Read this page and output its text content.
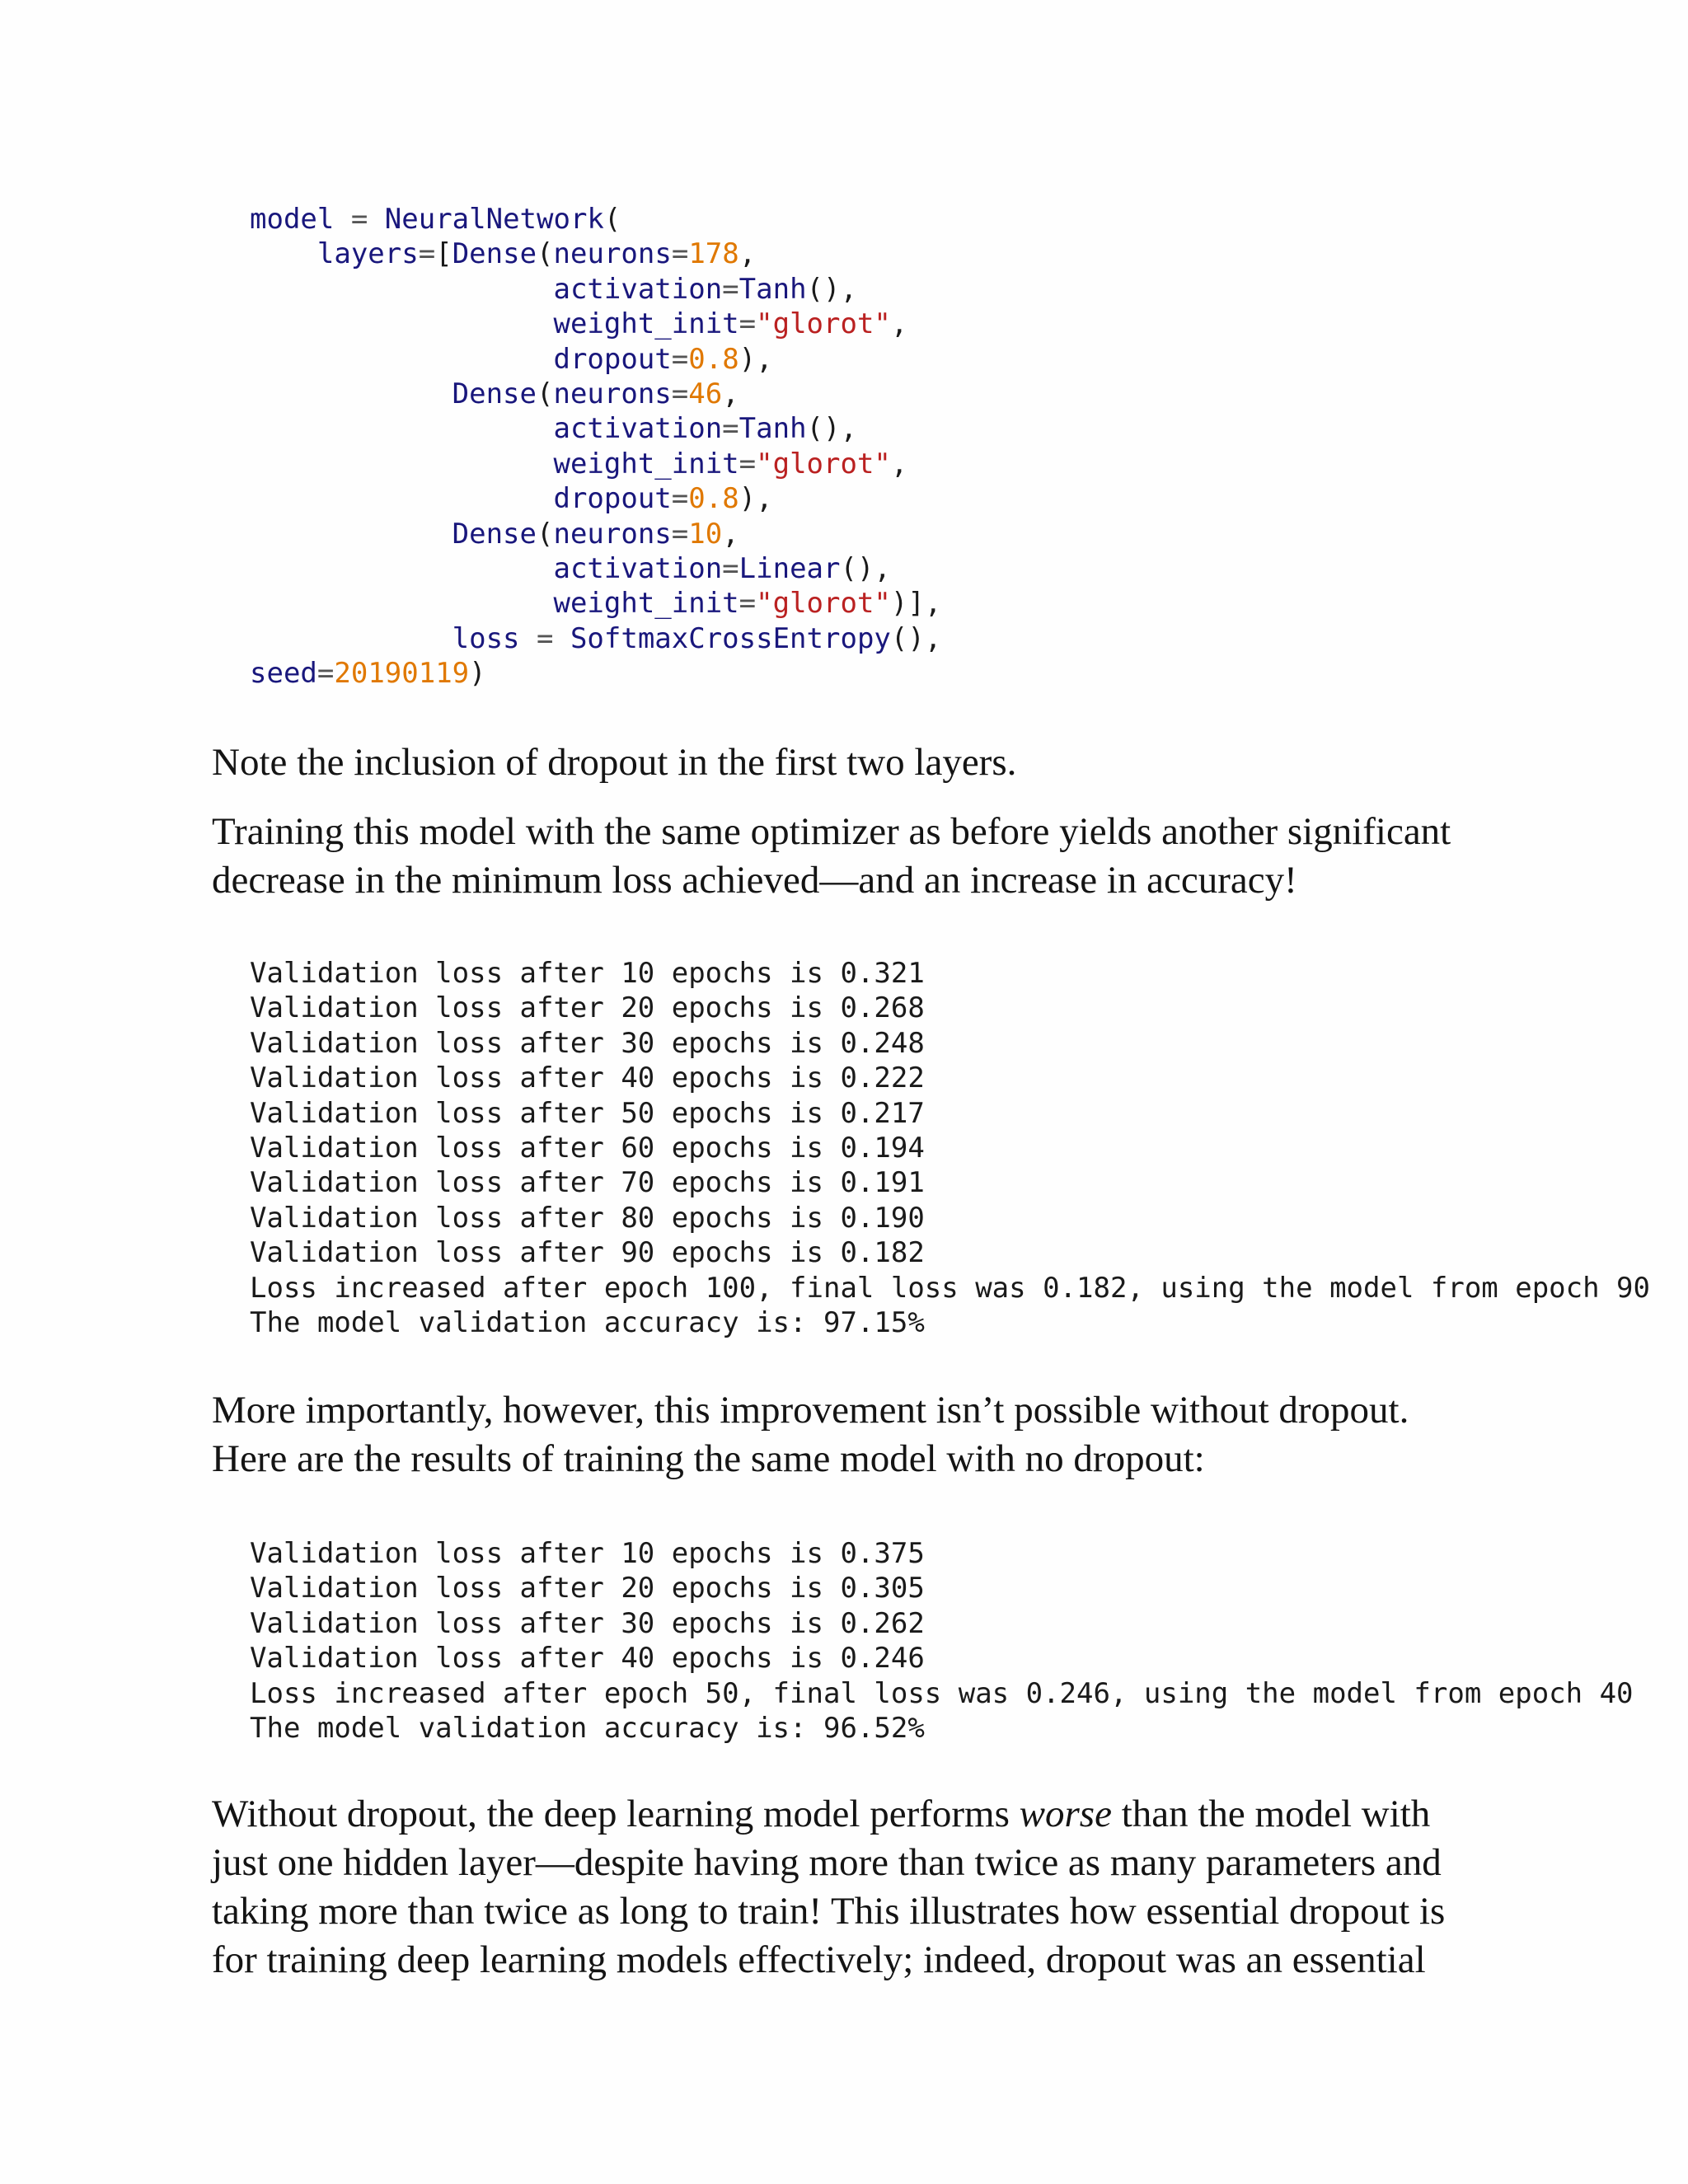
model = NeuralNetwork(
layers=[Dense(neurons=178,
activation=Tanh(),
weight_init="glorot",
dropout=0.8),
Dense(neurons=46,
activation=Tanh(),
weight_init="glorot",
dropout=0.8),
Dense(neurons=10,
activation=Linear(),
weight_init="glorot")],
loss = SoftmaxCrossEntropy(),
seed=20190119)

Note the inclusion of dropout in the first two layers.

Training this model with the same optimizer as before yields another significant decrease in the minimum loss achieved—and an increase in accuracy!

Validation loss after 10 epochs is 0.321
Validation loss after 20 epochs is 0.268
Validation loss after 30 epochs is 0.248
Validation loss after 40 epochs is 0.222
Validation loss after 50 epochs is 0.217
Validation loss after 60 epochs is 0.194
Validation loss after 70 epochs is 0.191
Validation loss after 80 epochs is 0.190
Validation loss after 90 epochs is 0.182
Loss increased after epoch 100, final loss was 0.182, using the model from epoch 90
The model validation accuracy is: 97.15%

More importantly, however, this improvement isn’t possible without dropout. Here are the results of training the same model with no dropout:

Validation loss after 10 epochs is 0.375
Validation loss after 20 epochs is 0.305
Validation loss after 30 epochs is 0.262
Validation loss after 40 epochs is 0.246
Loss increased after epoch 50, final loss was 0.246, using the model from epoch 40
The model validation accuracy is: 96.52%

Without dropout, the deep learning model performs worse than the model with just one hidden layer—despite having more than twice as many parameters and taking more than twice as long to train! This illustrates how essential dropout is for training deep learning models effectively; indeed, dropout was an essential
